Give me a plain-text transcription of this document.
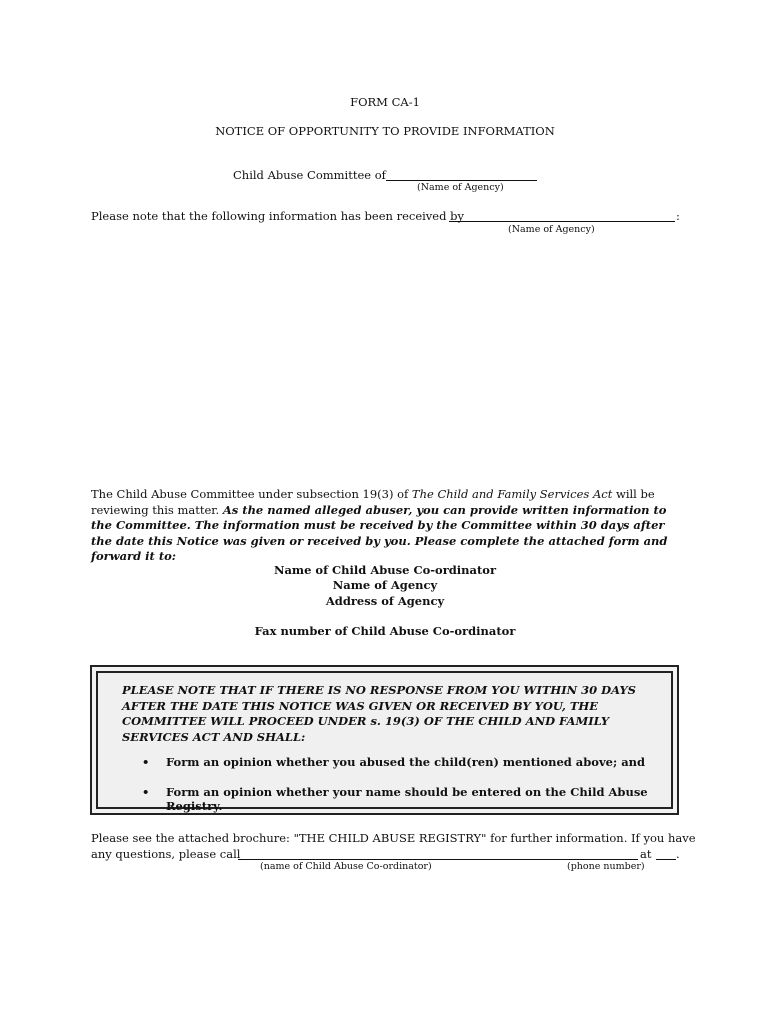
FORM CA-1
NOTICE OF OPPORTUNITY TO PROVIDE INFORMATION
Child Abuse Committee of
(Name of Agency)
Please note that the following information has been received by	:
(Name of Agency)
The Child Abuse Committee under subsection 19(3) of The Child and Family Services Act will be reviewing this matter. As the named alleged abuser, you can provide written information to the Committee. The information must be received by the Committee within 30 days after the date this Notice was given or received by you. Please complete the attached form and forward it to:
Name of Child Abuse Co-ordinator
Name of Agency
Address of Agency
Fax number of Child Abuse Co-ordinator
PLEASE NOTE THAT IF THERE IS NO RESPONSE FROM YOU WITHIN 30 DAYS AFTER THE DATE THIS NOTICE WAS GIVEN OR RECEIVED BY YOU, THE COMMITTEE WILL PROCEED UNDER s. 19(3) OF THE CHILD AND FAMILY SERVICES ACT AND SHALL:
• Form an opinion whether you abused the child(ren) mentioned above; and
• Form an opinion whether your name should be entered on the Child Abuse Registry.
Please see the attached brochure: "THE CHILD ABUSE REGISTRY" for further information. If you have
any questions, please call	at .
(name of Child Abuse Co-ordinator)	(phone number)
